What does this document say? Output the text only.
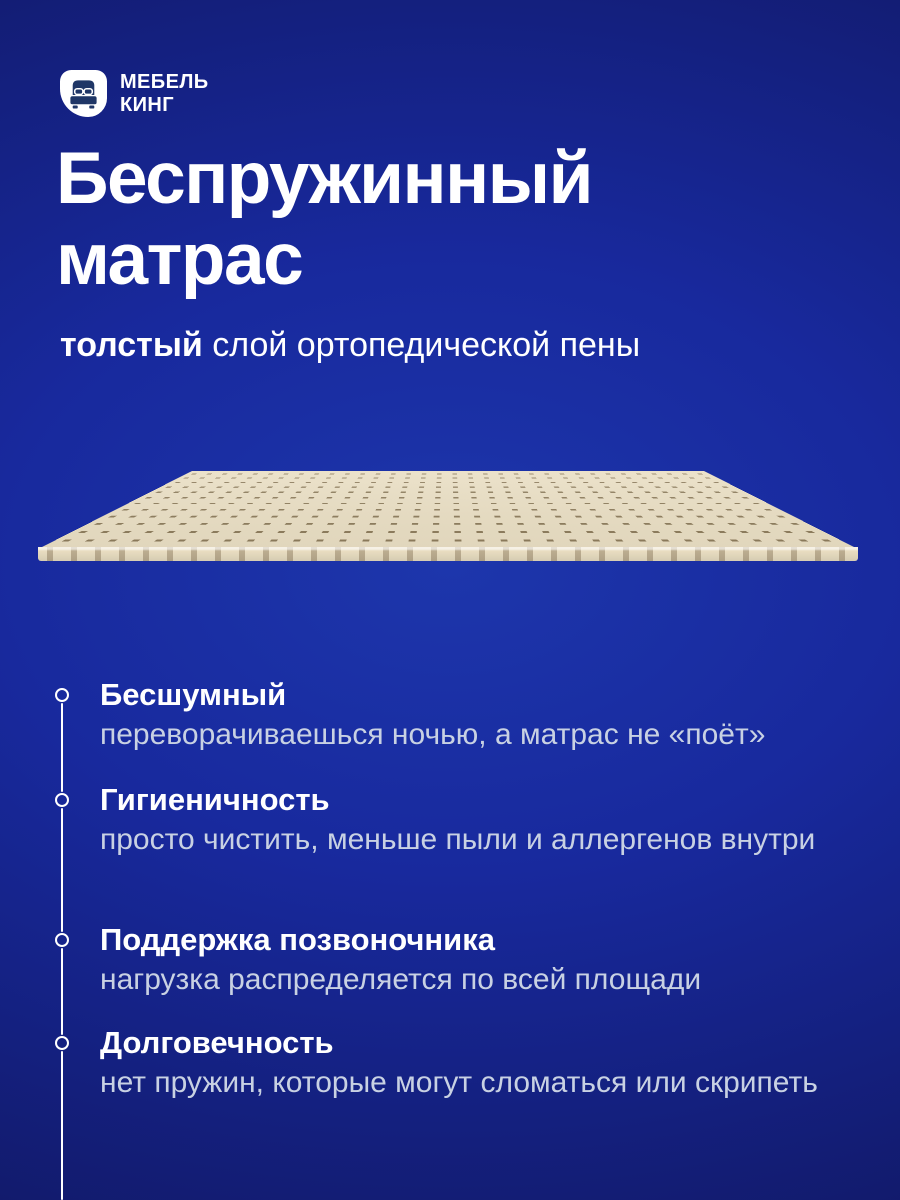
МЕБЕЛЬ
КИНГ
Беспружинный
матрас

толстый слой ортопедической пены

Бесшумный

переворачиваешься ночью, а матрас не «поёт»

Гигиеничность

просто чистить, меньше пыли и аллергенов внутри

Поддержка позвоночника

нагрузка распределяется по всей площади

Долговечность

нет пружин, которые могут сломаться или скрипеть
